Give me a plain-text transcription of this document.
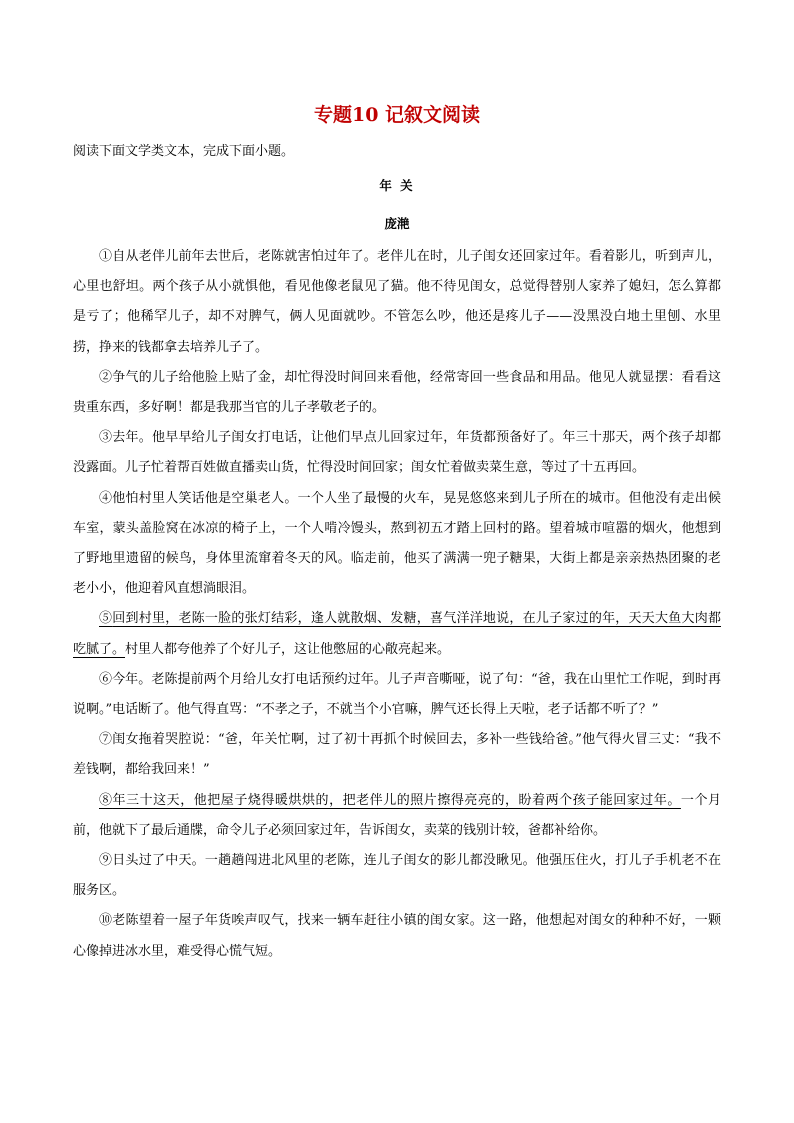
专题10 记叙文阅读
阅读下面文学类文本，完成下面小题。
年 关
庞滟

①自从老伴儿前年去世后，老陈就害怕过年了。老伴儿在时，儿子闺女还回家过年。看着影儿，听到声儿，心里也舒坦。两个孩子从小就惧他，看见他像老鼠见了猫。他不待见闺女，总觉得替别人家养了媳妇，怎么算都是亏了；他稀罕儿子，却不对脾气，俩人见面就吵。不管怎么吵，他还是疼儿子——没黑没白地土里刨、水里捞，挣来的钱都拿去培养儿子了。

②争气的儿子给他脸上贴了金，却忙得没时间回来看他，经常寄回一些食品和用品。他见人就显摆：看看这贵重东西，多好啊！都是我那当官的儿子孝敬老子的。

③去年。他早早给儿子闺女打电话，让他们早点儿回家过年，年货都预备好了。年三十那天，两个孩子却都没露面。儿子忙着帮百姓做直播卖山货，忙得没时间回家；闺女忙着做卖菜生意，等过了十五再回。

④他怕村里人笑话他是空巢老人。一个人坐了最慢的火车，晃晃悠悠来到儿子所在的城市。但他没有走出候车室，蒙头盖脸窝在冰凉的椅子上，一个人啃冷馒头，熬到初五才踏上回村的路。望着城市喧嚣的烟火，他想到了野地里遗留的候鸟，身体里流窜着冬天的风。临走前，他买了满满一兜子糖果，大街上都是亲亲热热团聚的老老小小，他迎着风直想淌眼泪。

⑤回到村里，老陈一脸的张灯结彩，逢人就散烟、发糖，喜气洋洋地说，在儿子家过的年，天天大鱼大肉都吃腻了。村里人都夸他养了个好儿子，这让他憋屈的心敞亮起来。

⑥今年。老陈提前两个月给儿女打电话预约过年。儿子声音嘶哑，说了句：“爸，我在山里忙工作呢，到时再说啊。”电话断了。他气得直骂：“不孝之子，不就当个小官嘛，脾气还长得上天啦，老子话都不听了？”

⑦闺女拖着哭腔说：“爸，年关忙啊，过了初十再抓个时候回去，多补一些钱给爸。”他气得火冒三丈：“我不差钱啊，都给我回来！”

⑧年三十这天，他把屋子烧得暖烘烘的，把老伴儿的照片擦得亮亮的，盼着两个孩子能回家过年。一个月前，他就下了最后通牒，命令儿子必须回家过年，告诉闺女，卖菜的钱别计较，爸都补给你。

⑨日头过了中天。一趟趟闯进北风里的老陈，连儿子闺女的影儿都没瞅见。他强压住火，打儿子手机老不在服务区。

⑩老陈望着一屋子年货唉声叹气，找来一辆车赶往小镇的闺女家。这一路，他想起对闺女的种种不好，一颗心像掉进冰水里，难受得心慌气短。
